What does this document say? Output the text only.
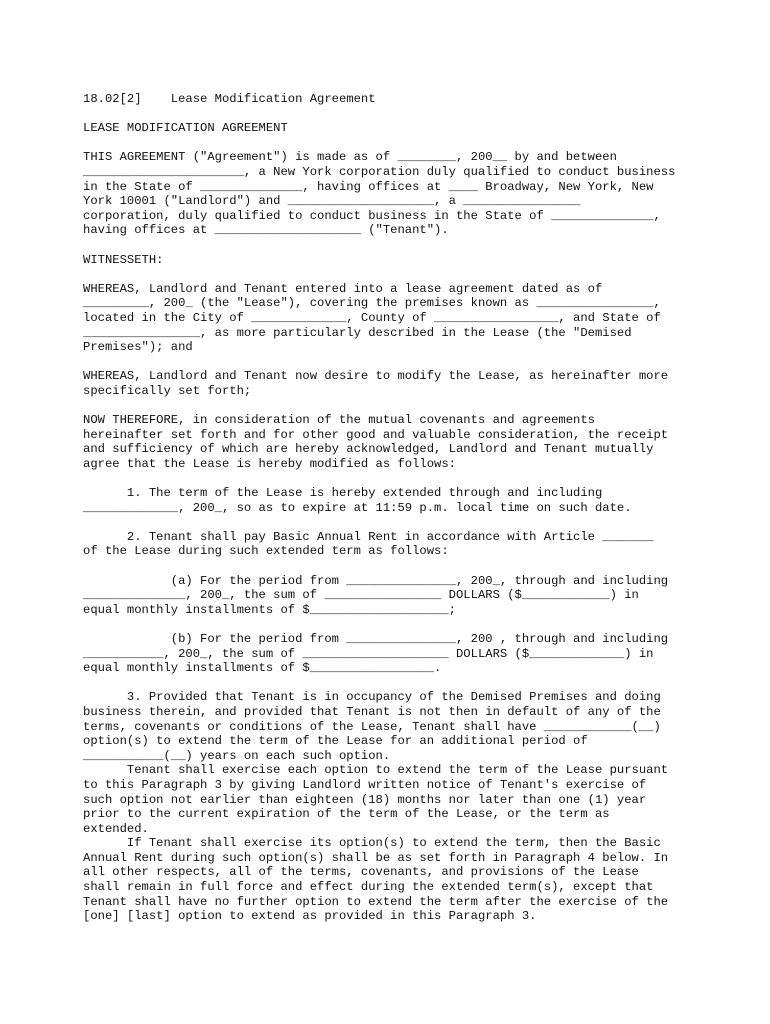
18.02[2]    Lease Modification Agreement
LEASE MODIFICATION AGREEMENT
THIS AGREEMENT ("Agreement") is made as of ________, 200__ by and between
______________________, a New York corporation duly qualified to conduct business
in the State of ______________, having offices at ____ Broadway, New York, New
York 10001 ("Landlord") and ____________________, a ________________
corporation, duly qualified to conduct business in the State of ______________,
having offices at ____________________ ("Tenant").
WITNESSETH:
WHEREAS, Landlord and Tenant entered into a lease agreement dated as of
_________, 200_ (the "Lease"), covering the premises known as ________________,
located in the City of _____________, County of _________________, and State of
________________, as more particularly described in the Lease (the "Demised
Premises"); and
WHEREAS, Landlord and Tenant now desire to modify the Lease, as hereinafter more
specifically set forth;
NOW THEREFORE, in consideration of the mutual covenants and agreements
hereinafter set forth and for other good and valuable consideration, the receipt
and sufficiency of which are hereby acknowledged, Landlord and Tenant mutually
agree that the Lease is hereby modified as follows:
1. The term of the Lease is hereby extended through and including
_____________, 200_, so as to expire at 11:59 p.m. local time on such date.
2. Tenant shall pay Basic Annual Rent in accordance with Article _______
of the Lease during such extended term as follows:
(a) For the period from _______________, 200_, through and including
______________, 200_, the sum of ________________ DOLLARS ($____________) in
equal monthly installments of $___________________;
(b) For the period from _______________, 200 , through and including
___________, 200_, the sum of ____________________ DOLLARS ($_____________) in
equal monthly installments of $_________________.
3. Provided that Tenant is in occupancy of the Demised Premises and doing
business therein, and provided that Tenant is not then in default of any of the
terms, covenants or conditions of the Lease, Tenant shall have ____________(__)
option(s) to extend the term of the Lease for an additional period of
___________(__) years on each such option.
Tenant shall exercise each option to extend the term of the Lease pursuant
to this Paragraph 3 by giving Landlord written notice of Tenant's exercise of
such option not earlier than eighteen (18) months nor later than one (1) year
prior to the current expiration of the term of the Lease, or the term as
extended.
If Tenant shall exercise its option(s) to extend the term, then the Basic
Annual Rent during such option(s) shall be as set forth in Paragraph 4 below. In
all other respects, all of the terms, covenants, and provisions of the Lease
shall remain in full force and effect during the extended term(s), except that
Tenant shall have no further option to extend the term after the exercise of the
[one] [last] option to extend as provided in this Paragraph 3.
